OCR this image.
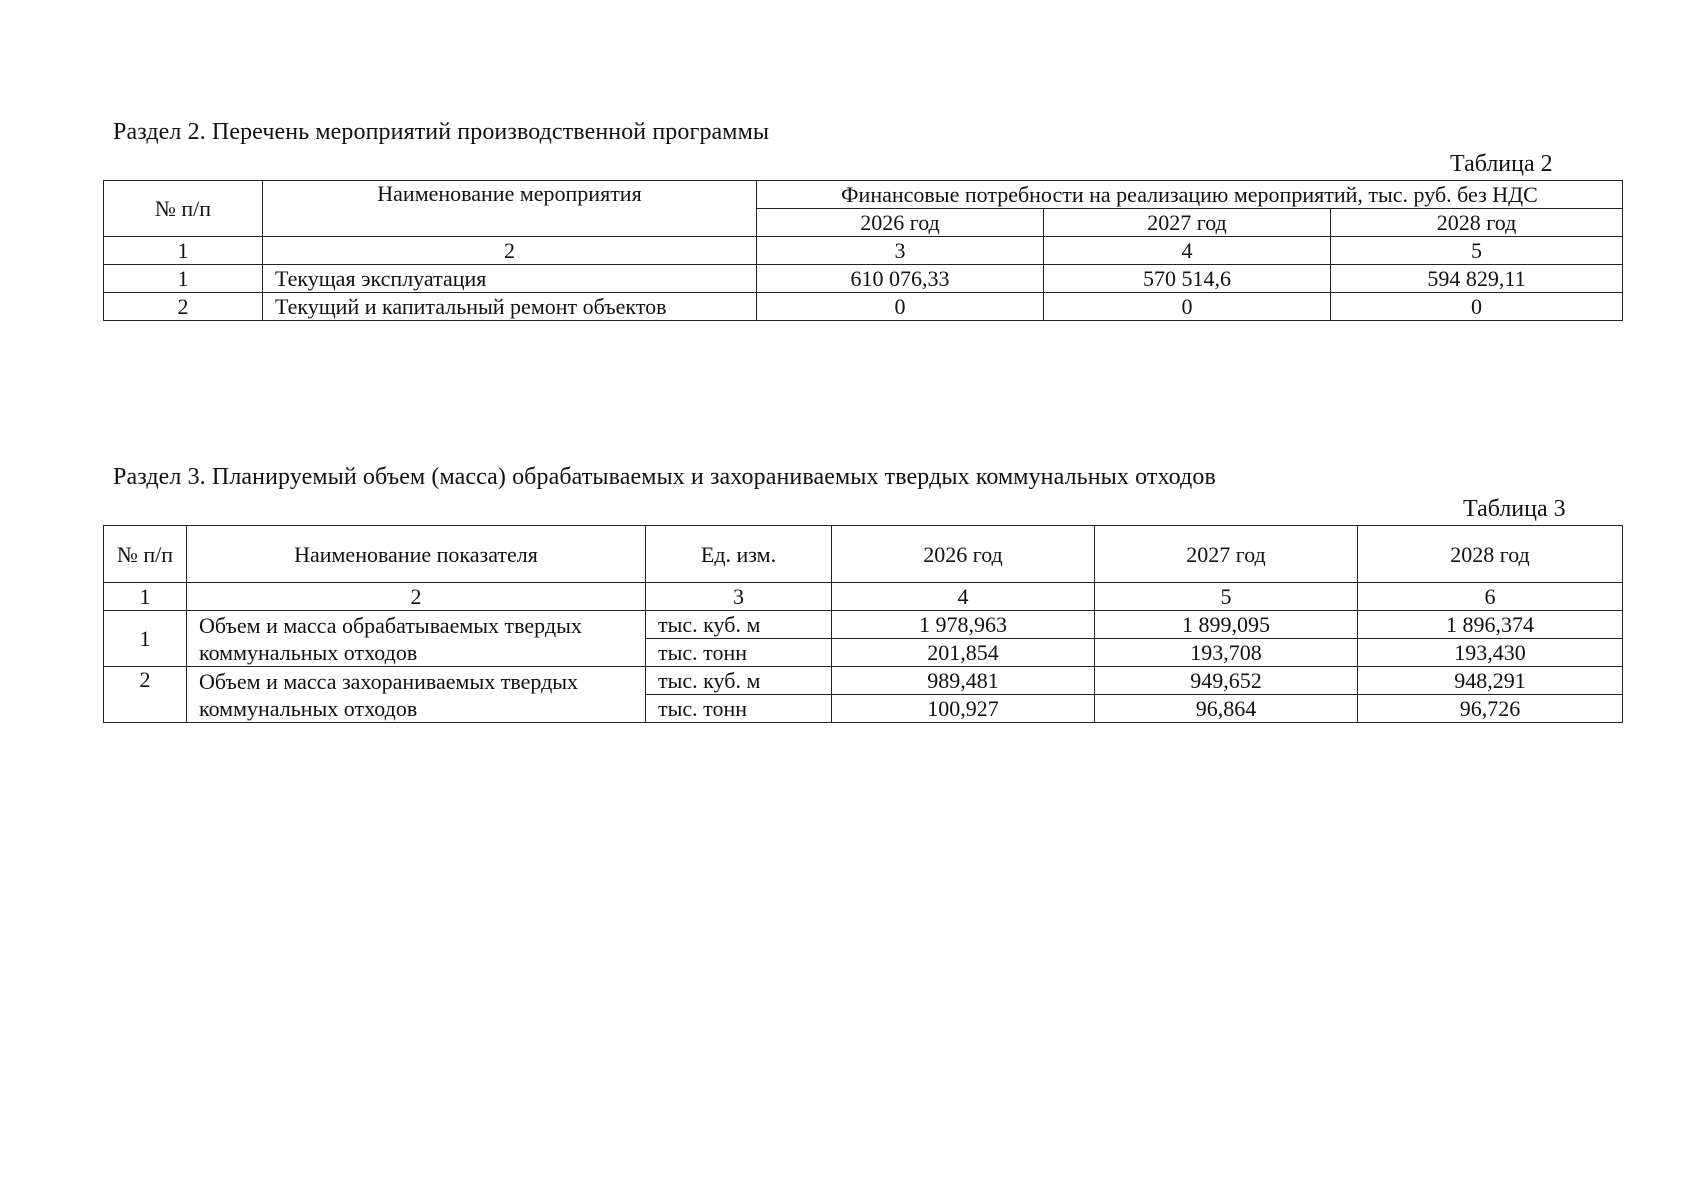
Раздел 2. Перечень мероприятий производственной программы
Таблица 2
№ п/п	Наименование мероприятия	Финансовые потребности на реализацию мероприятий, тыс. руб. без НДС		
		2026 год	2027 год	2028 год
1	2	3	4	5
1	Текущая эксплуатация	610 076,33	570 514,6	594 829,11
2	Текущий и капитальный ремонт объектов	0	0	0
Раздел 3. Планируемый объем (масса) обрабатываемых и захораниваемых твердых коммунальных отходов
Таблица 3
№ п/п	Наименование показателя	Ед. изм.	2026 год	2027 год	2028 год
1	2	3	4	5	6
1	Объем и масса обрабатываемых твердых коммунальных отходов	тыс. куб. м	1 978,963	1 899,095	1 896,374
		тыс. тонн	201,854	193,708	193,430
2	Объем и масса захораниваемых твердых коммунальных отходов	тыс. куб. м	989,481	949,652	948,291
		тыс. тонн	100,927	96,864	96,726
